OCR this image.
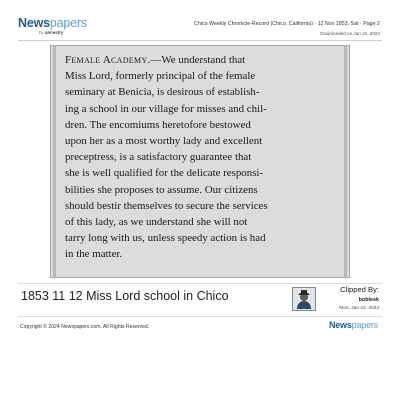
Newspapers
by ancestry
Chico Weekly Chronicle-Record (Chico, California) · 12 Nov 1853, Sat · Page 2
Downloaded on Jan 22, 2024
Female Academy.—We understand that
Miss Lord, formerly principal of the female
seminary at Benicia, is desirous of establish-
ing a school in our village for misses and chil-
dren. The encomiums heretofore bestowed
upon her as a most worthy lady and excellent
preceptress, is a satisfactory guarantee that
she is well qualified for the delicate responsi-
bilities she proposes to assume. Our citizens
should bestir themselves to secure the services
of this lady, as we understand she will not
tarry long with us, unless speedy action is had
in the matter.
1853 11 12 Miss Lord school in Chico	Clipped By:
boblesk
Mon, Jan 22, 2024
Copyright © 2024 Newspapers.com. All Rights Reserved.	Newspapers
